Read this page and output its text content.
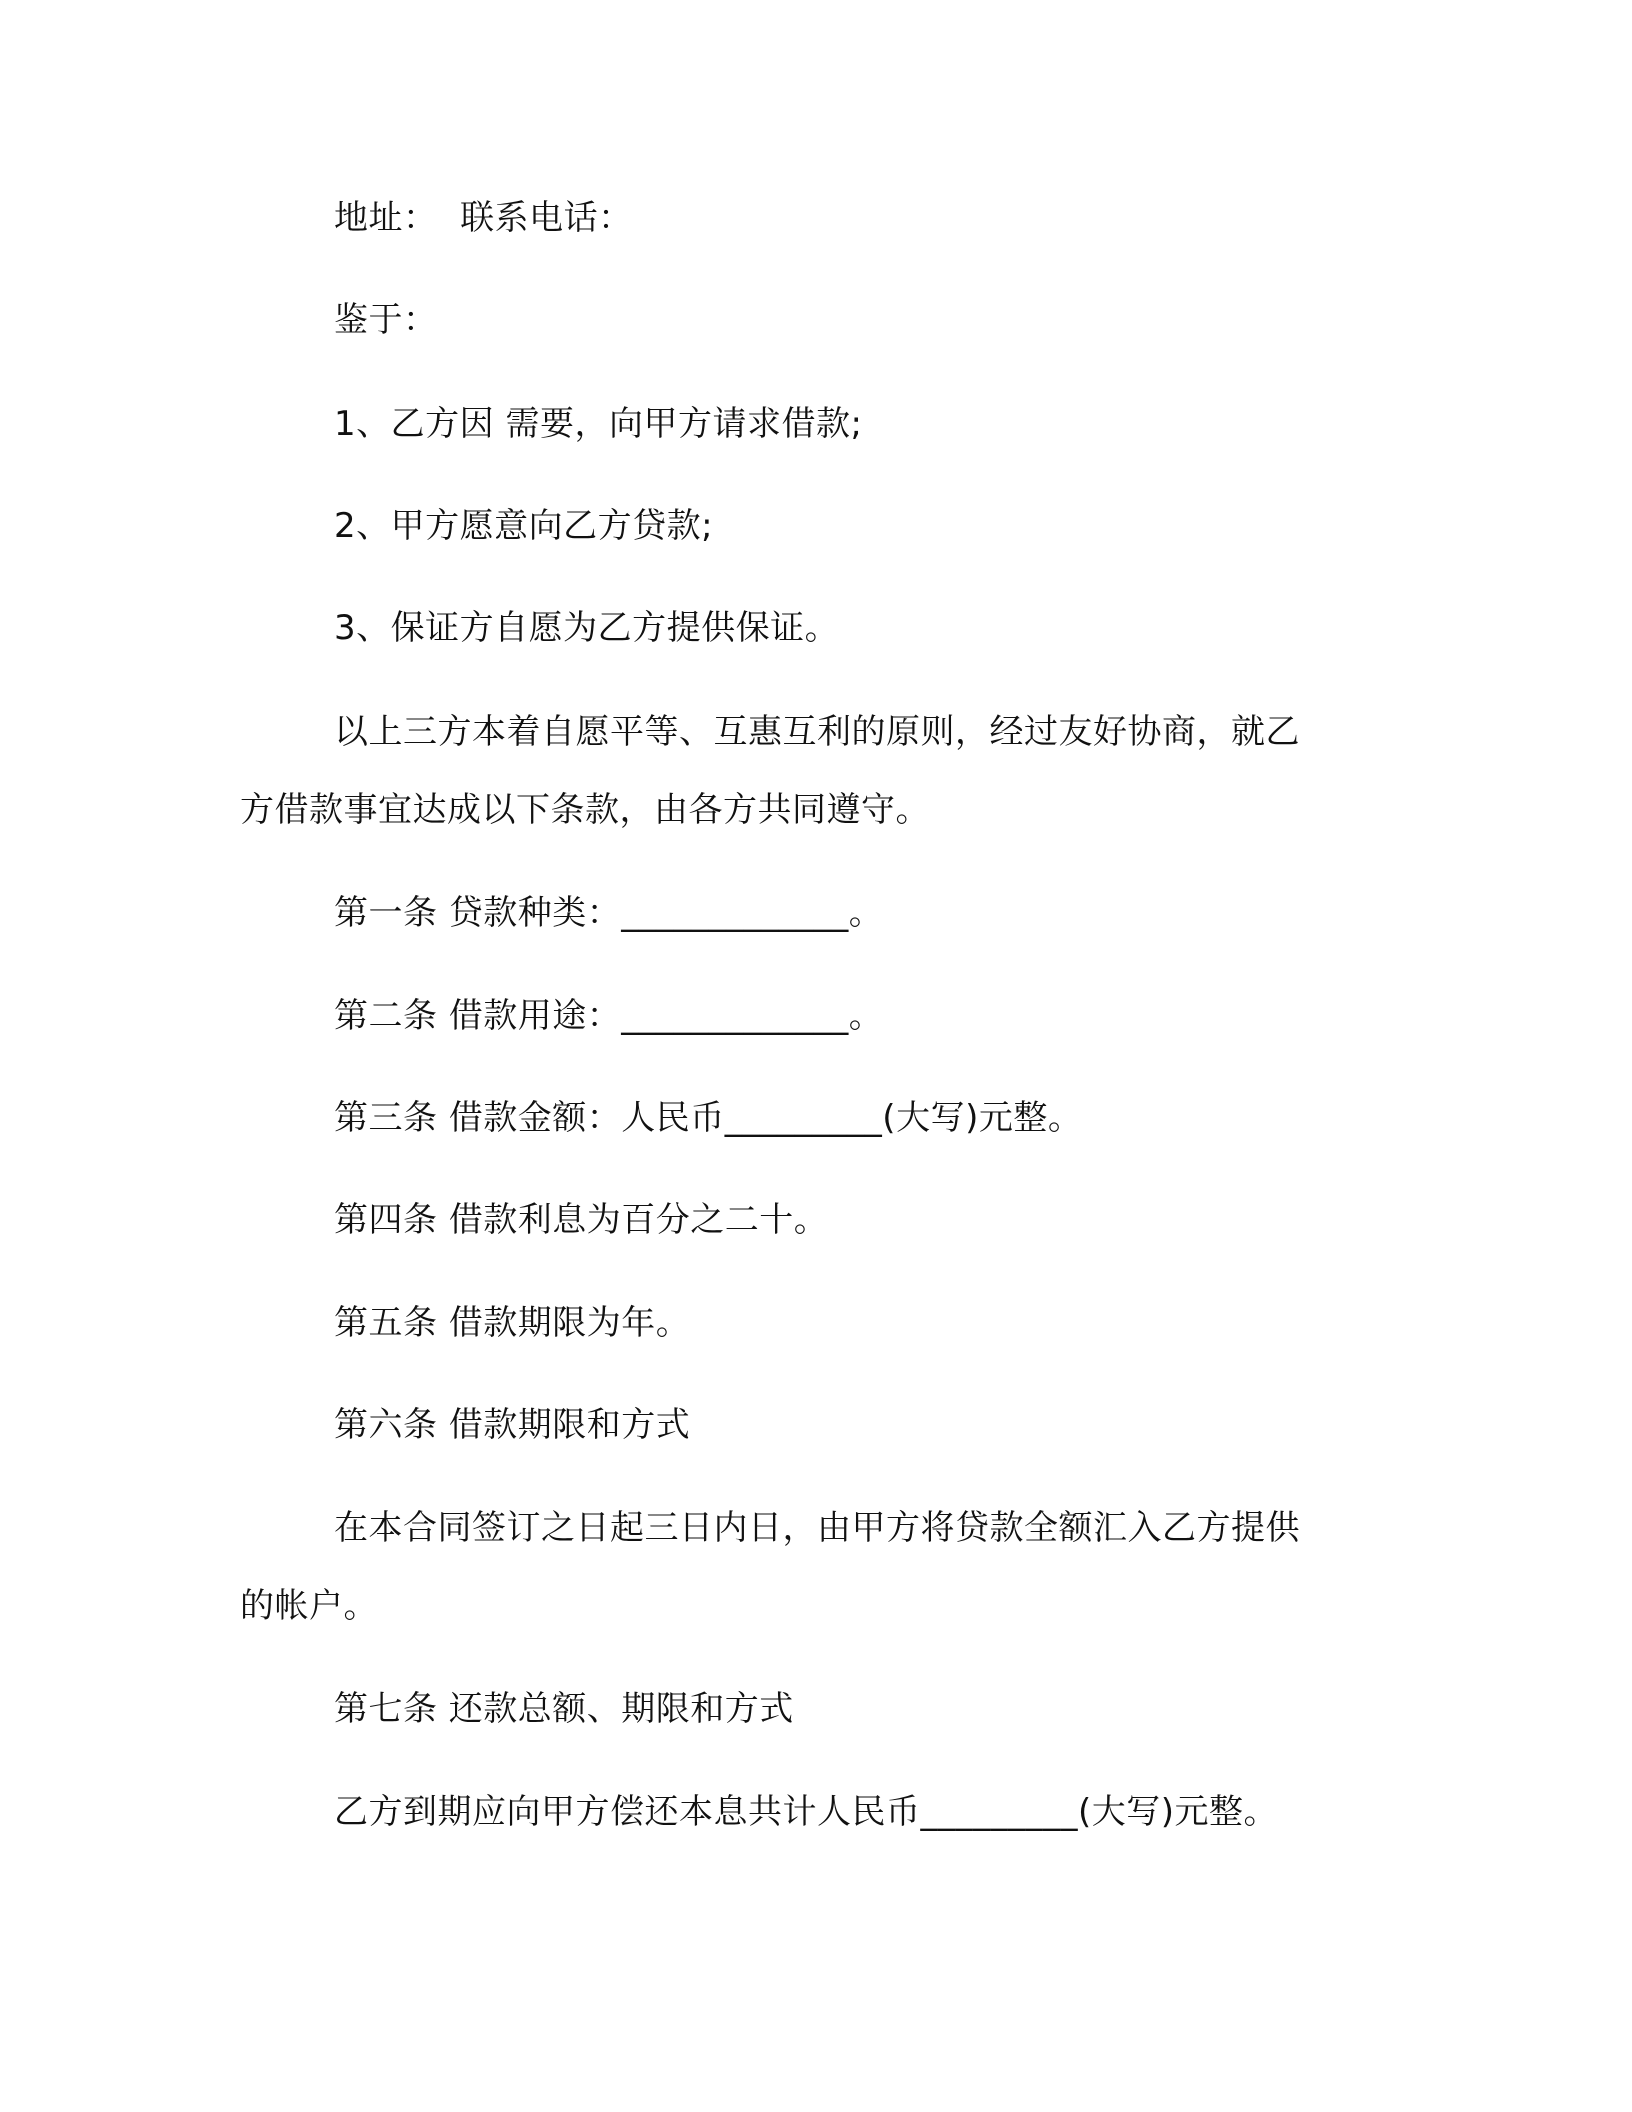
地址：  联系电话：
鉴于：
1、乙方因 需要，向甲方请求借款;
2、甲方愿意向乙方贷款;
3、保证方自愿为乙方提供保证。
以上三方本着自愿平等、互惠互利的原则，经过友好协商，就乙
方借款事宜达成以下条款，由各方共同遵守。
第一条 贷款种类：_____________。
第二条 借款用途：_____________。
第三条 借款金额：人民币_________(大写)元整。
第四条 借款利息为百分之二十。
第五条 借款期限为年。
第六条 借款期限和方式
在本合同签订之日起三日内日，由甲方将贷款全额汇入乙方提供
的帐户。
第七条 还款总额、期限和方式
乙方到期应向甲方偿还本息共计人民币_________(大写)元整。
